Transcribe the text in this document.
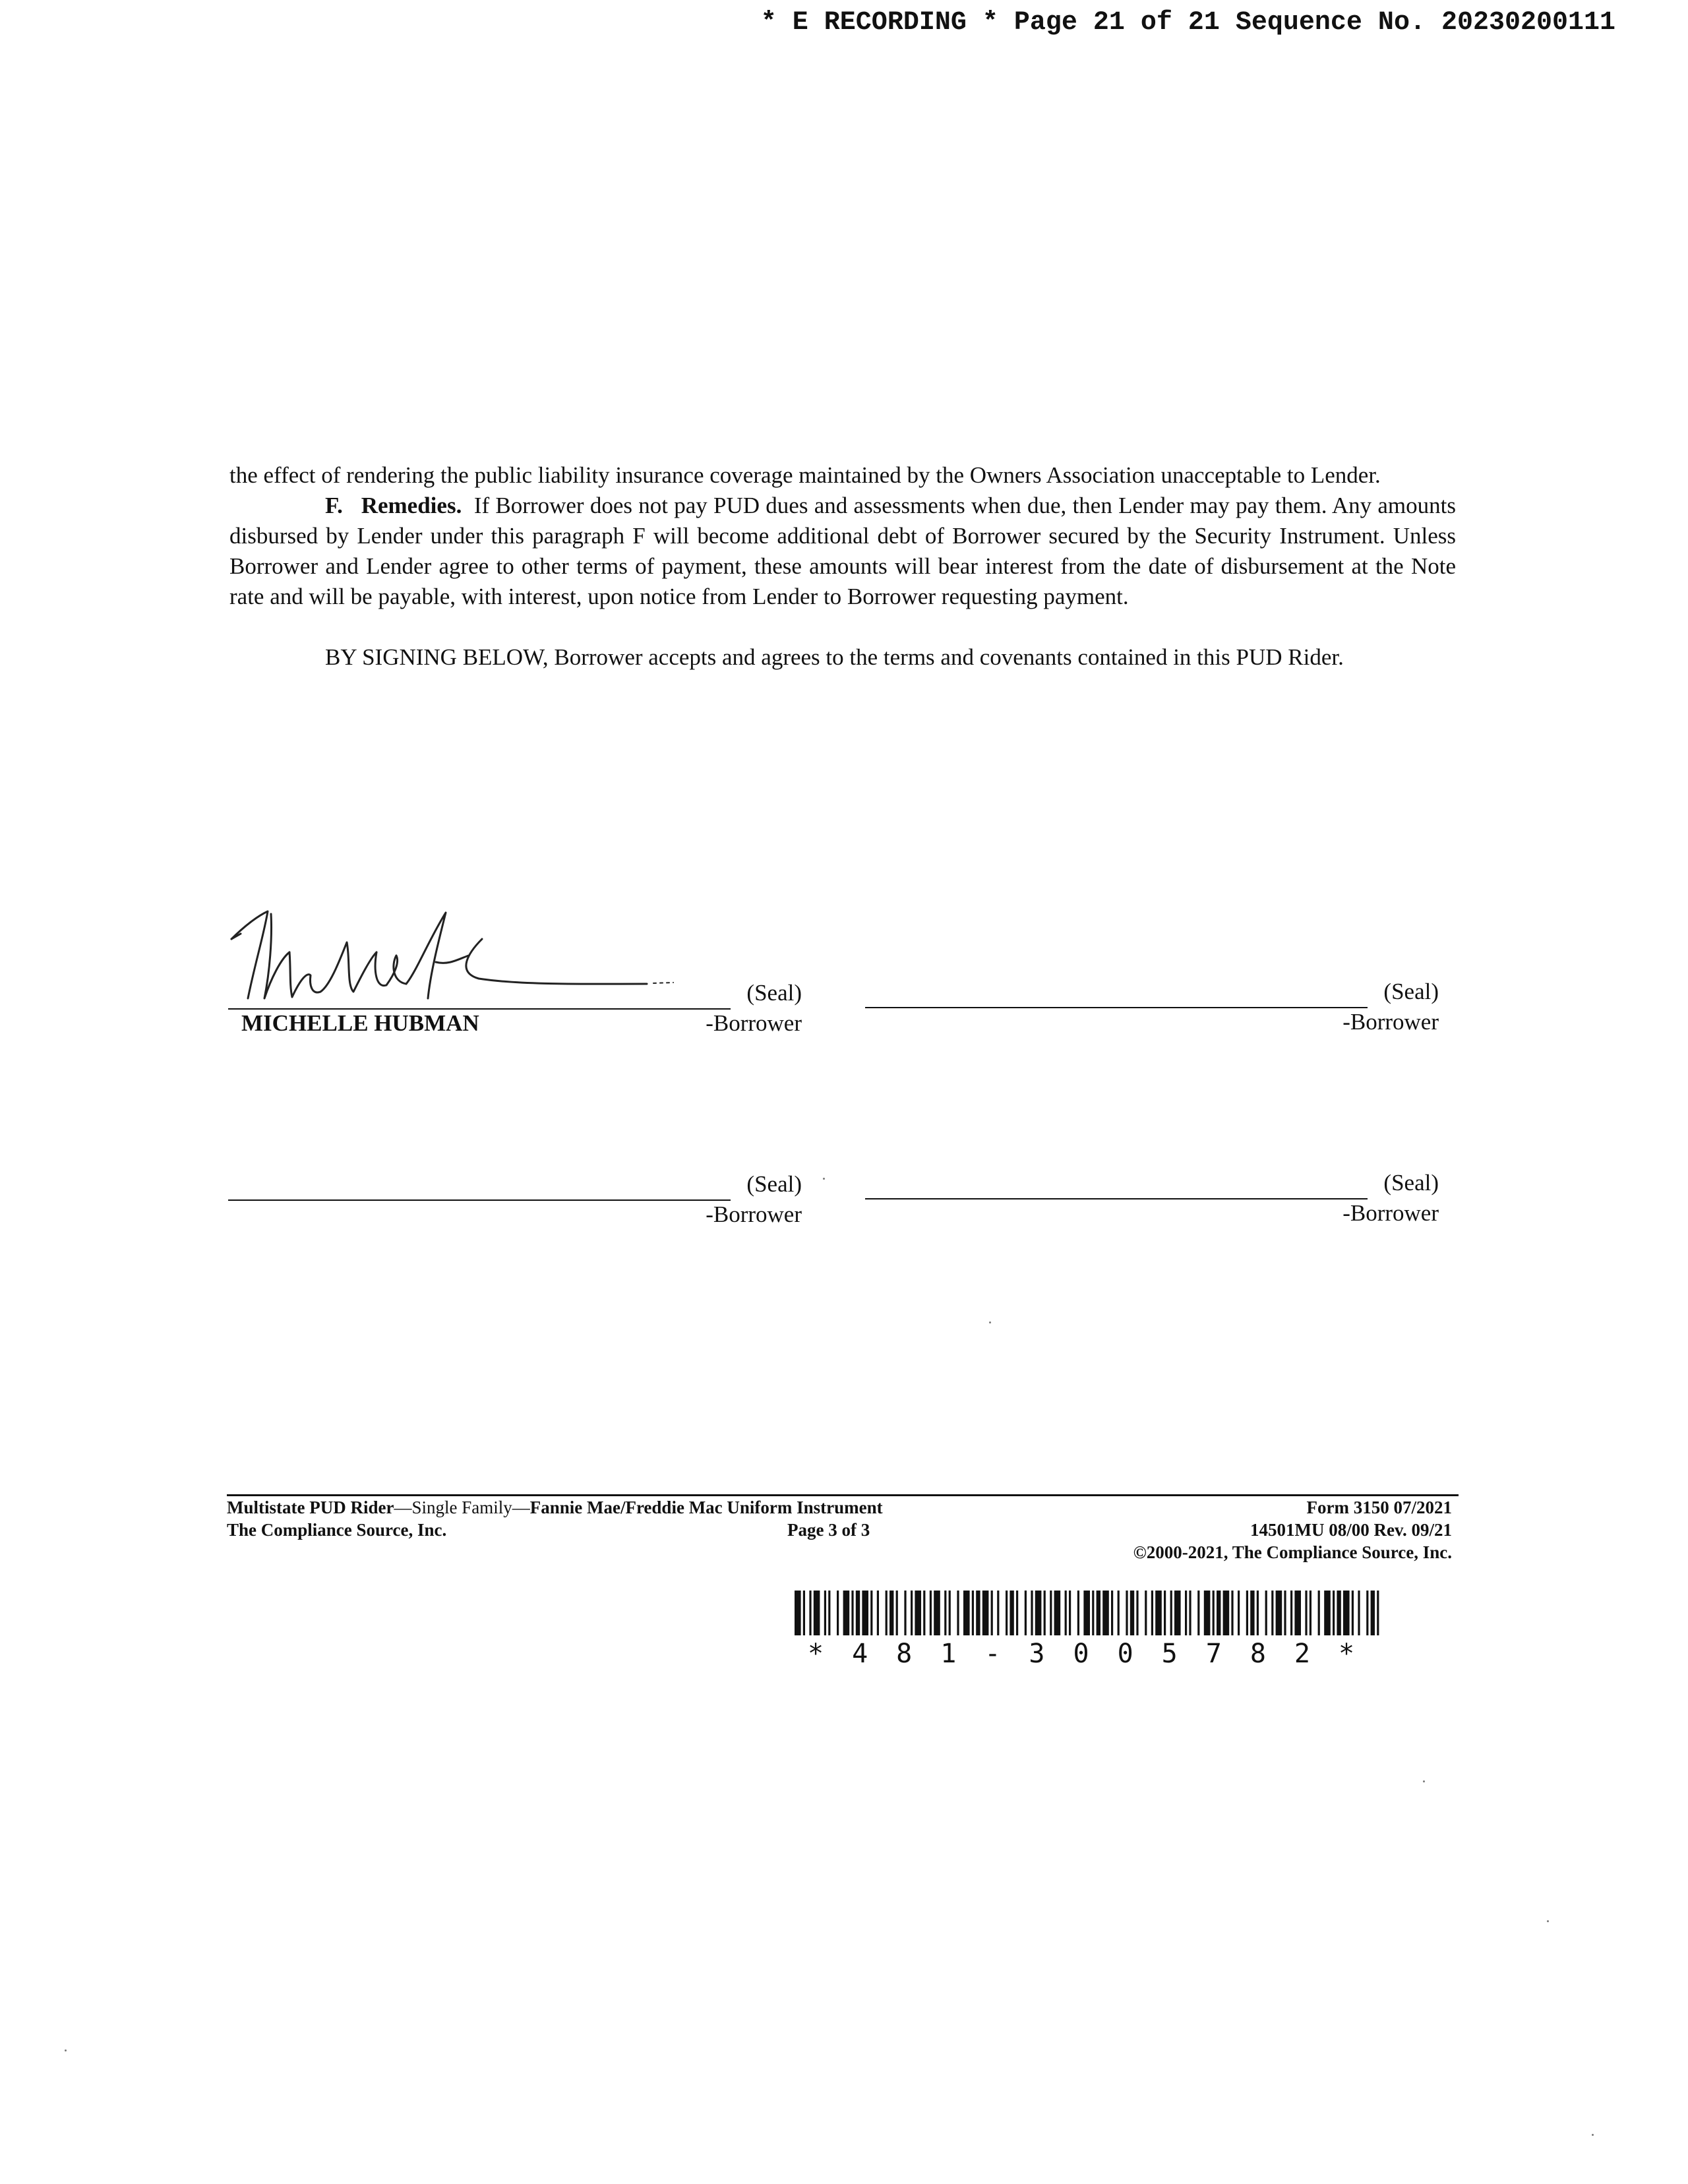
* E RECORDING * Page 21 of 21 Sequence No. 20230200111

the effect of rendering the public liability insurance coverage maintained by the Owners Association unacceptable to Lender.

F. Remedies. If Borrower does not pay PUD dues and assessments when due, then Lender may pay them. Any amounts disbursed by Lender under this paragraph F will become additional debt of Borrower secured by the Security Instrument. Unless Borrower and Lender agree to other terms of payment, these amounts will bear interest from the date of disbursement at the Note rate and will be payable, with interest, upon notice from Lender to Borrower requesting payment.

BY SIGNING BELOW, Borrower accepts and agrees to the terms and covenants contained in this PUD Rider.

(Seal)
MICHELLE HUBMAN	-Borrower
(Seal)
-Borrower
(Seal)
-Borrower
(Seal)
-Borrower
Multistate PUD Rider—Single Family—Fannie Mae/Freddie Mac Uniform Instrument	Form 3150 07/2021
The Compliance Source, Inc.	Page 3 of 3	14501MU 08/00 Rev. 09/21
©2000-2021, The Compliance Source, Inc.
*481-3005782*
